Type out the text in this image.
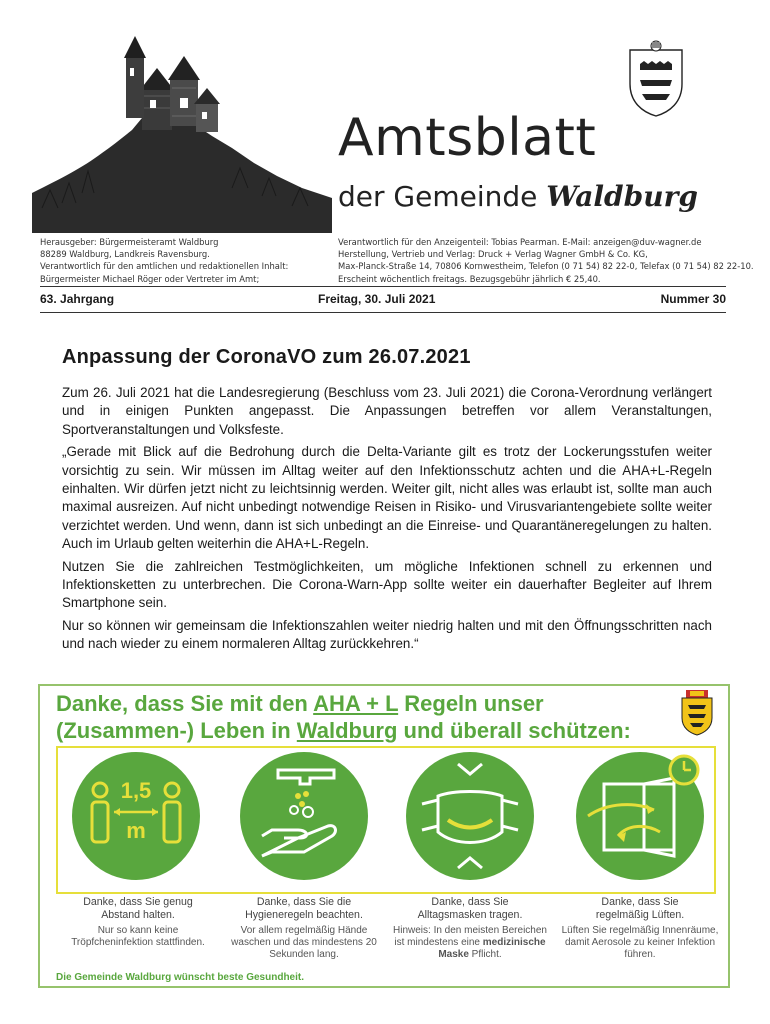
Amtsblatt
der Gemeinde Waldburg
Herausgeber: Bürgermeisteramt Waldburg
88289 Waldburg, Landkreis Ravensburg.
Verantwortlich für den amtlichen und redaktionellen Inhalt:
Bürgermeister Michael Röger oder Vertreter im Amt;
Verantwortlich für den Anzeigenteil: Tobias Pearman. E-Mail: anzeigen@duv-wagner.de
Herstellung, Vertrieb und Verlag: Druck + Verlag Wagner GmbH & Co. KG,
Max-Planck-Straße 14, 70806 Kornwestheim, Telefon (0 71 54) 82 22-0, Telefax (0 71 54) 82 22-10.
Erscheint wöchentlich freitags. Bezugsgebühr jährlich € 25,40.
63. Jahrgang	Freitag, 30. Juli 2021	Nummer 30
Anpassung der CoronaVO zum 26.07.2021

Zum 26. Juli 2021 hat die Landesregierung (Beschluss vom 23. Juli 2021) die Corona-Verordnung verlängert und in einigen Punkten angepasst. Die Anpassungen betreffen vor allem Veranstaltungen, Sportveranstaltungen und Volksfeste.

„Gerade mit Blick auf die Bedrohung durch die Delta-Variante gilt es trotz der Lockerungsstufen weiter vorsichtig zu sein. Wir müssen im Alltag weiter auf den Infektionsschutz achten und die AHA+L-Regeln einhalten. Wir dürfen jetzt nicht zu leichtsinnig werden. Weiter gilt, nicht alles was erlaubt ist, sollte man auch maximal ausreizen. Auf nicht unbedingt notwendige Reisen in Risiko- und Virusvariantengebiete sollte weiter verzichtet werden. Und wenn, dann ist sich unbedingt an die Einreise- und Quarantäneregelungen zu halten. Auch im Urlaub gelten weiterhin die AHA+L-Regeln.

Nutzen Sie die zahlreichen Testmöglichkeiten, um mögliche Infektionen schnell zu erkennen und Infektionsketten zu unterbrechen. Die Corona-Warn-App sollte weiter ein dauerhafter Begleiter auf Ihrem Smartphone sein.

Nur so können wir gemeinsam die Infektionszahlen weiter niedrig halten und mit den Öffnungsschritten nach und nach wieder zu einem normaleren Alltag zurückkehren.“

Danke, dass Sie mit den AHA + L Regeln unser
(Zusammen-) Leben in Waldburg und überall schützen:
1,5
m
Danke, dass Sie genug
Abstand halten.
Nur so kann keine Tröpfcheninfektion stattfinden.
Danke, dass Sie die
Hygieneregeln beachten.
Vor allem regelmäßig Hände waschen und das mindestens 20 Sekunden lang.
Danke, dass Sie
Alltagsmasken tragen.
Hinweis: In den meisten Bereichen ist mindestens eine medizinische Maske Pflicht.
Danke, dass Sie
regelmäßig Lüften.
Lüften Sie regelmäßig Innenräume, damit Aerosole zu keiner Infektion führen.
Die Gemeinde Waldburg wünscht beste Gesundheit.
